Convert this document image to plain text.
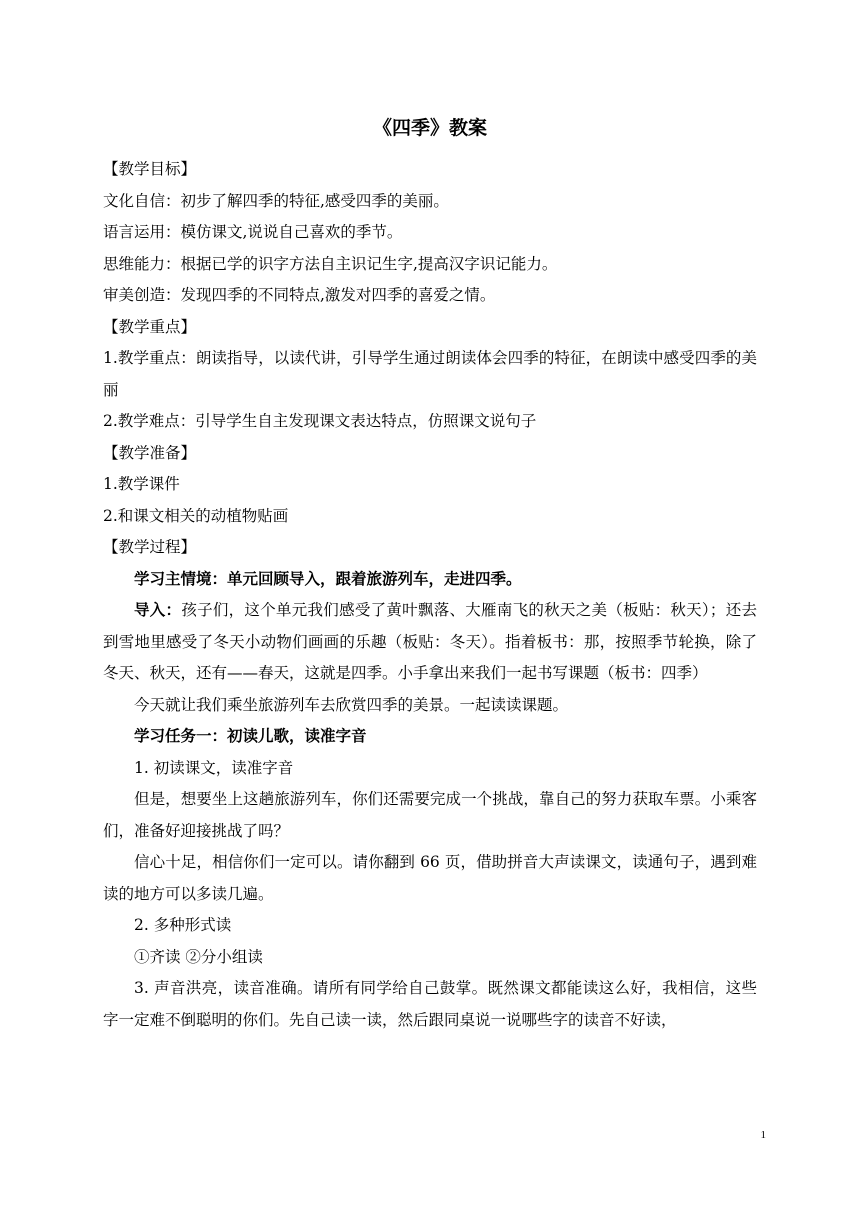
《四季》教案

【教学目标】

文化自信：初步了解四季的特征,感受四季的美丽。

语言运用：模仿课文,说说自己喜欢的季节。

思维能力：根据已学的识字方法自主识记生字,提高汉字识记能力。

审美创造：发现四季的不同特点,激发对四季的喜爱之情。

【教学重点】

1.教学重点：朗读指导，以读代讲，引导学生通过朗读体会四季的特征，在朗读中感受四季的美丽

2.教学难点：引导学生自主发现课文表达特点，仿照课文说句子

【教学准备】

1.教学课件

2.和课文相关的动植物贴画

【教学过程】

学习主情境：单元回顾导入，跟着旅游列车，走进四季。

导入：孩子们，这个单元我们感受了黄叶飘落、大雁南飞的秋天之美（板贴：秋天）；还去到雪地里感受了冬天小动物们画画的乐趣（板贴：冬天）。指着板书：那，按照季节轮换，除了冬天、秋天，还有——春天，这就是四季。小手拿出来我们一起书写课题（板书：四季）

今天就让我们乘坐旅游列车去欣赏四季的美景。一起读读课题。

学习任务一：初读儿歌，读准字音

1. 初读课文，读准字音

但是，想要坐上这趟旅游列车，你们还需要完成一个挑战，靠自己的努力获取车票。小乘客们，准备好迎接挑战了吗？

信心十足，相信你们一定可以。请你翻到 66 页，借助拼音大声读课文，读通句子，遇到难读的地方可以多读几遍。

2. 多种形式读

①齐读 ②分小组读

3. 声音洪亮，读音准确。请所有同学给自己鼓掌。既然课文都能读这么好，我相信，这些字一定难不倒聪明的你们。先自己读一读，然后跟同桌说一说哪些字的读音不好读，

1
